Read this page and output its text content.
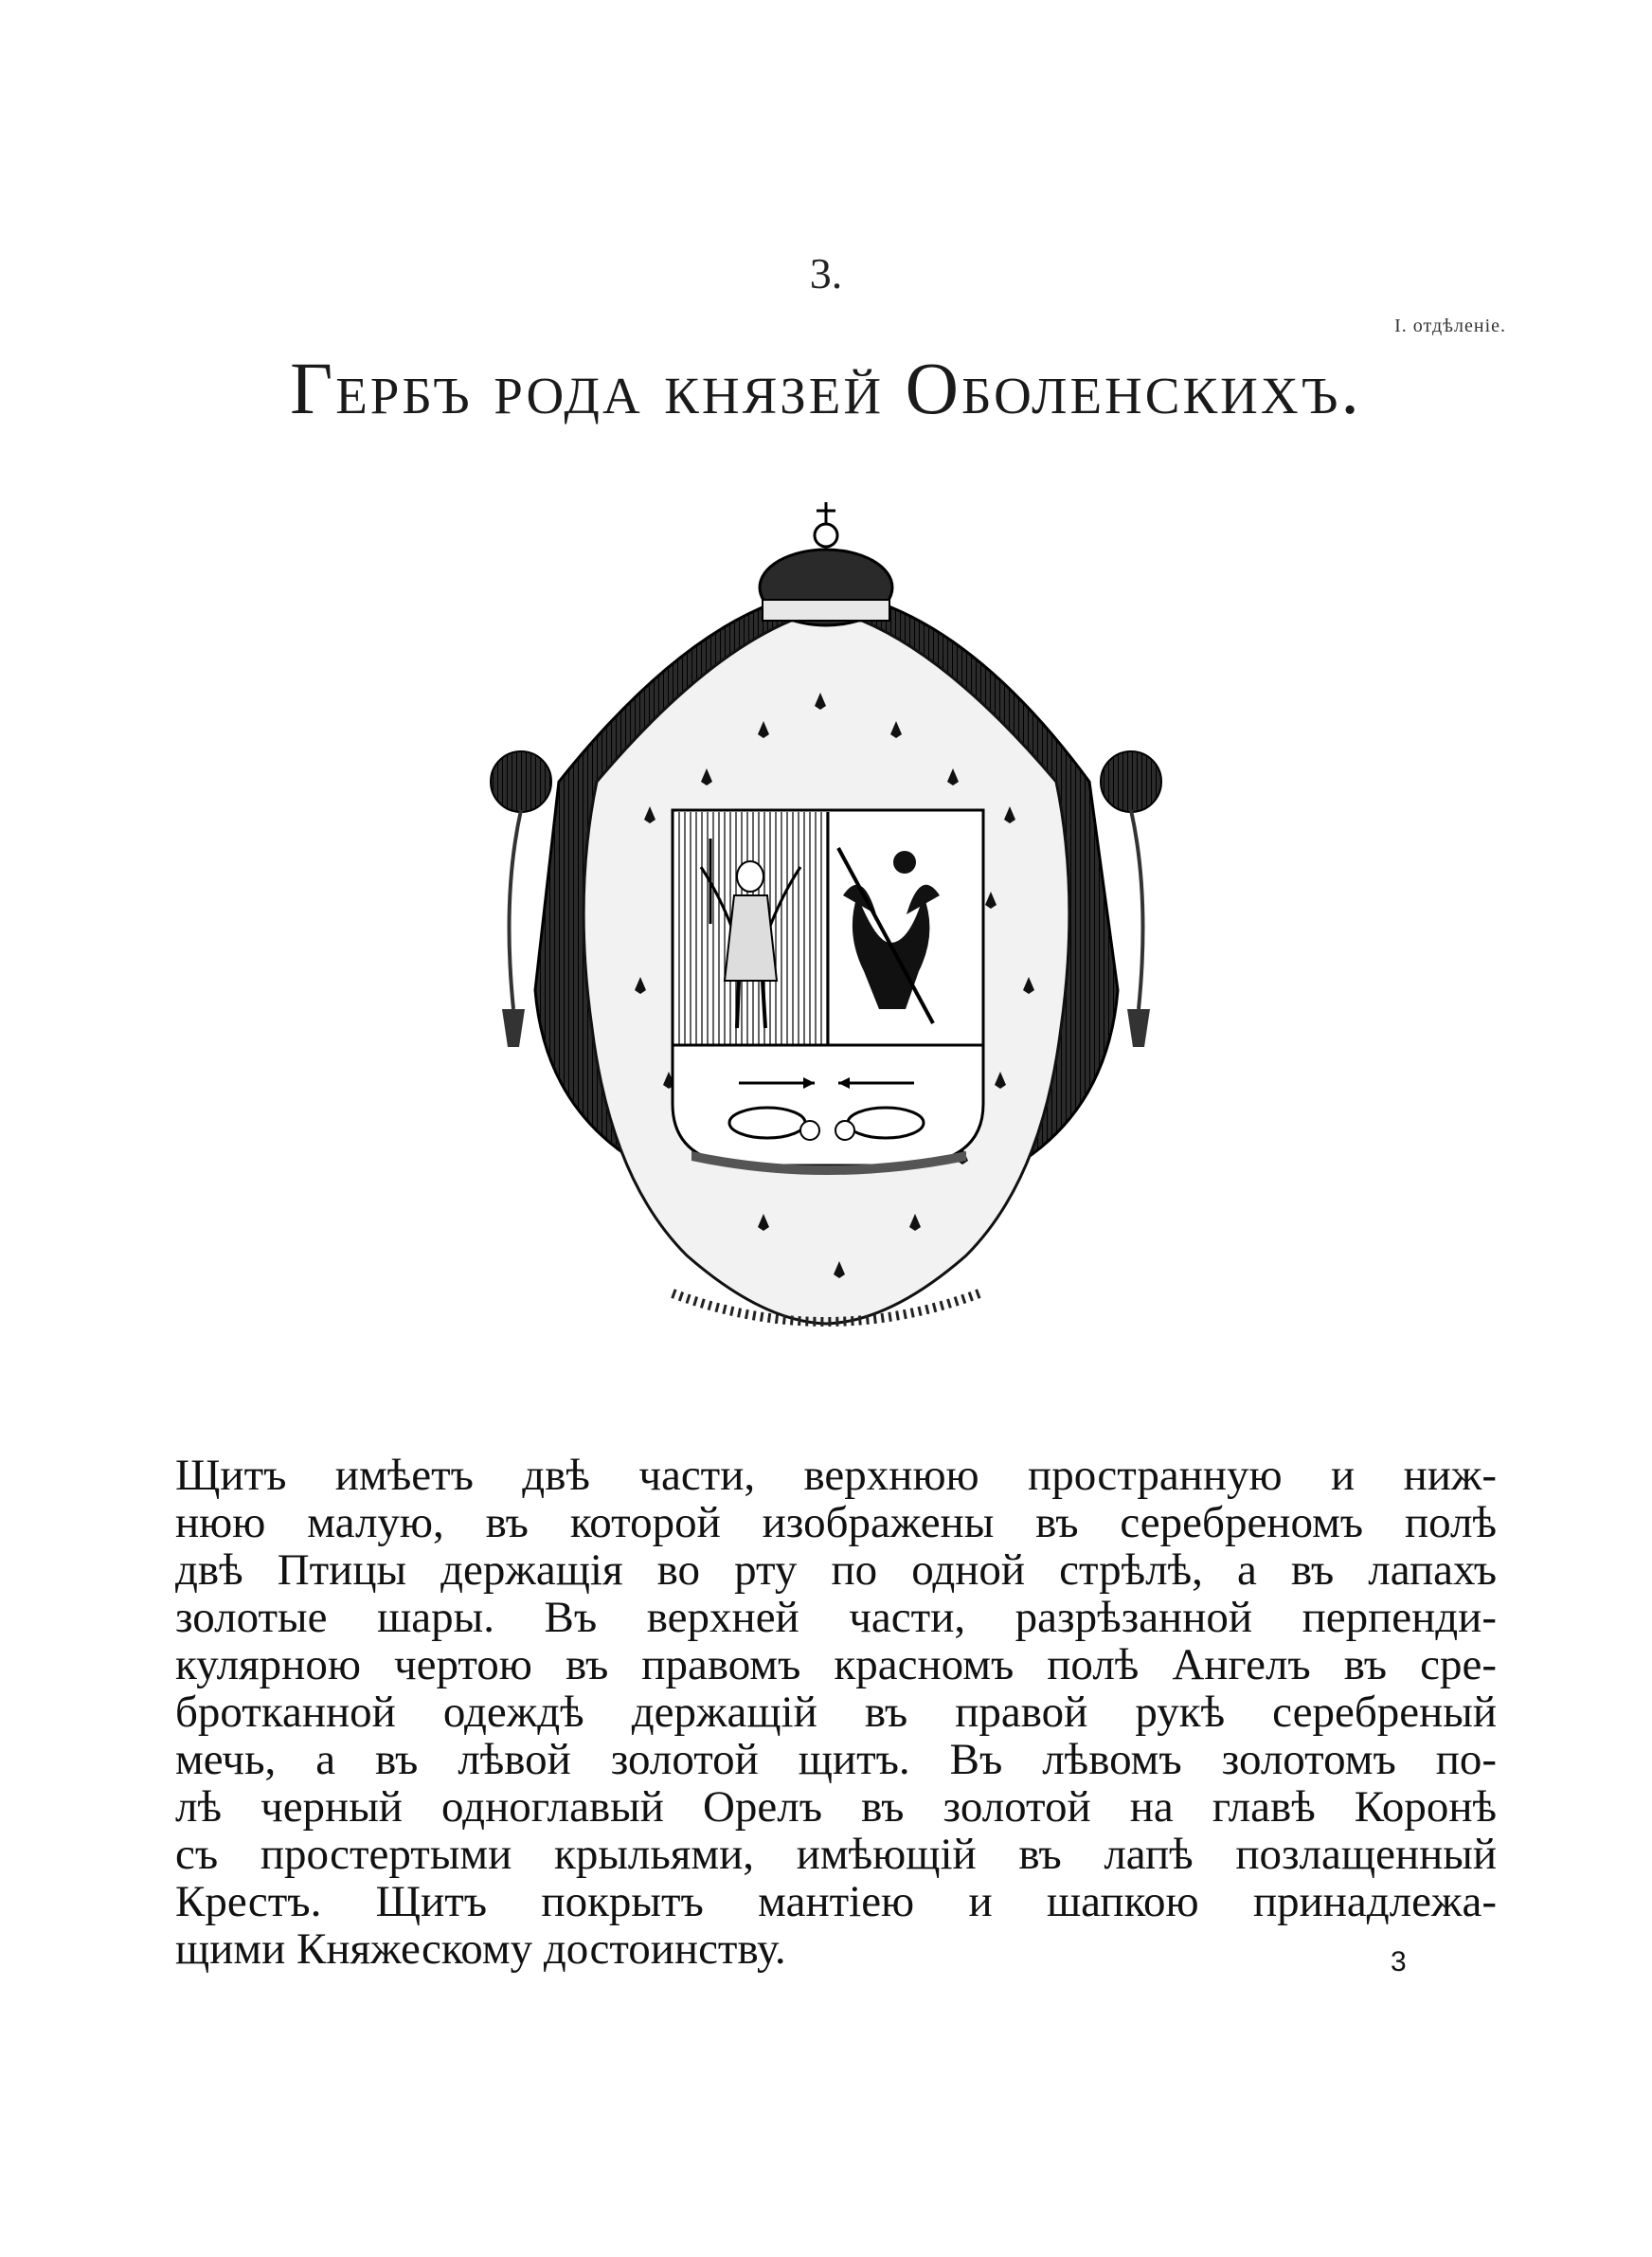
3.
I. отдѣленіе.
Гербъ рода князей Оболенскихъ.
Щитъ имѣетъ двѣ части, верхнюю пространную и ниж-
нюю малую, въ которой изображены въ серебреномъ полѣ
двѣ Птицы держащія во рту по одной стрѣлѣ, а въ лапахъ
золотые шары. Въ верхней части, разрѣзанной перпенди-
кулярною чертою въ правомъ красномъ полѣ Ангелъ въ сре-
бротканной одеждѣ держащій въ правой рукѣ серебреный
мечь, а въ лѣвой золотой щитъ. Въ лѣвомъ золотомъ по-
лѣ черный одноглавый Орелъ въ золотой на главѣ Коронѣ
съ простертыми крыльями, имѣющій въ лапѣ позлащенный
Крестъ. Щитъ покрытъ мантіею и шапкою принадлежа-
щими Княжескому достоинству.	3
